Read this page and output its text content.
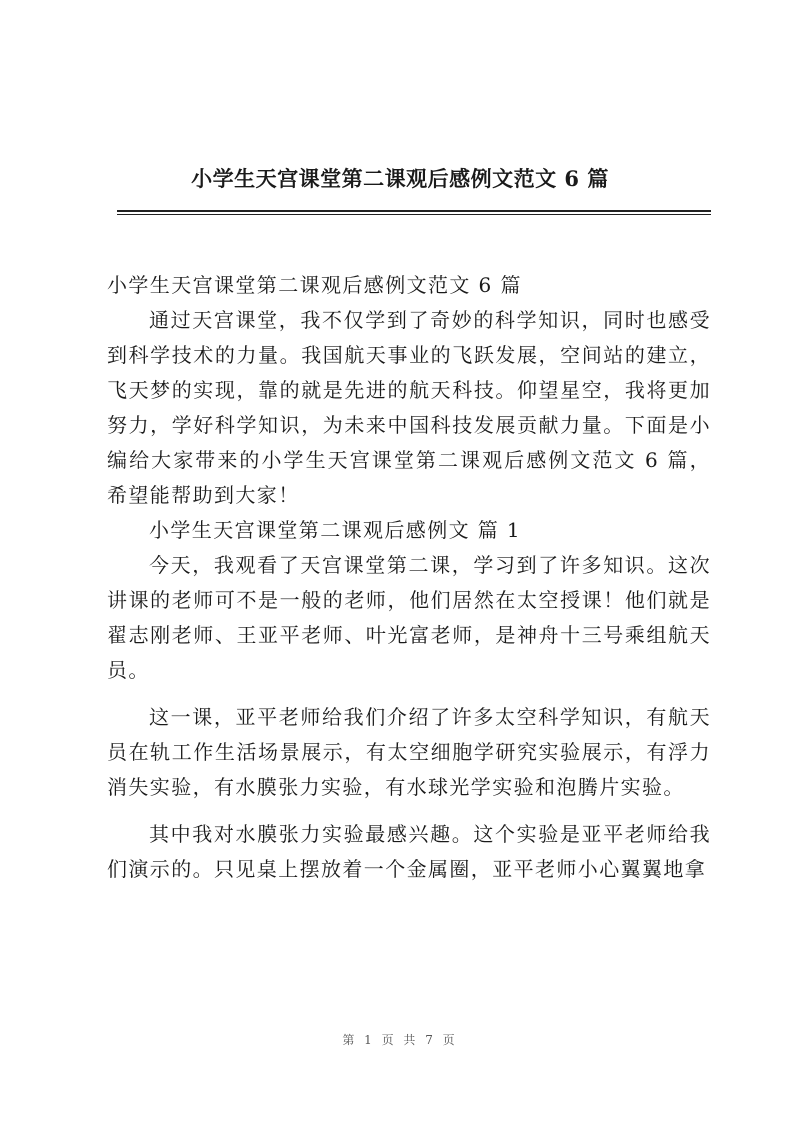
小学生天宫课堂第二课观后感例文范文 6 篇

小学生天宫课堂第二课观后感例文范文 6 篇

通过天宫课堂，我不仅学到了奇妙的科学知识，同时也感受到科学技术的力量。我国航天事业的飞跃发展，空间站的建立，飞天梦的实现，靠的就是先进的航天科技。仰望星空，我将更加努力，学好科学知识，为未来中国科技发展贡献力量。下面是小编给大家带来的小学生天宫课堂第二课观后感例文范文 6 篇，希望能帮助到大家！

小学生天宫课堂第二课观后感例文 篇 1

今天，我观看了天宫课堂第二课，学习到了许多知识。这次讲课的老师可不是一般的老师，他们居然在太空授课！他们就是翟志刚老师、王亚平老师、叶光富老师，是神舟十三号乘组航天员。

这一课，亚平老师给我们介绍了许多太空科学知识，有航天员在轨工作生活场景展示，有太空细胞学研究实验展示，有浮力消失实验，有水膜张力实验，有水球光学实验和泡腾片实验。

其中我对水膜张力实验最感兴趣。这个实验是亚平老师给我们演示的。只见桌上摆放着一个金属圈，亚平老师小心翼翼地拿

第 1 页 共 7 页
